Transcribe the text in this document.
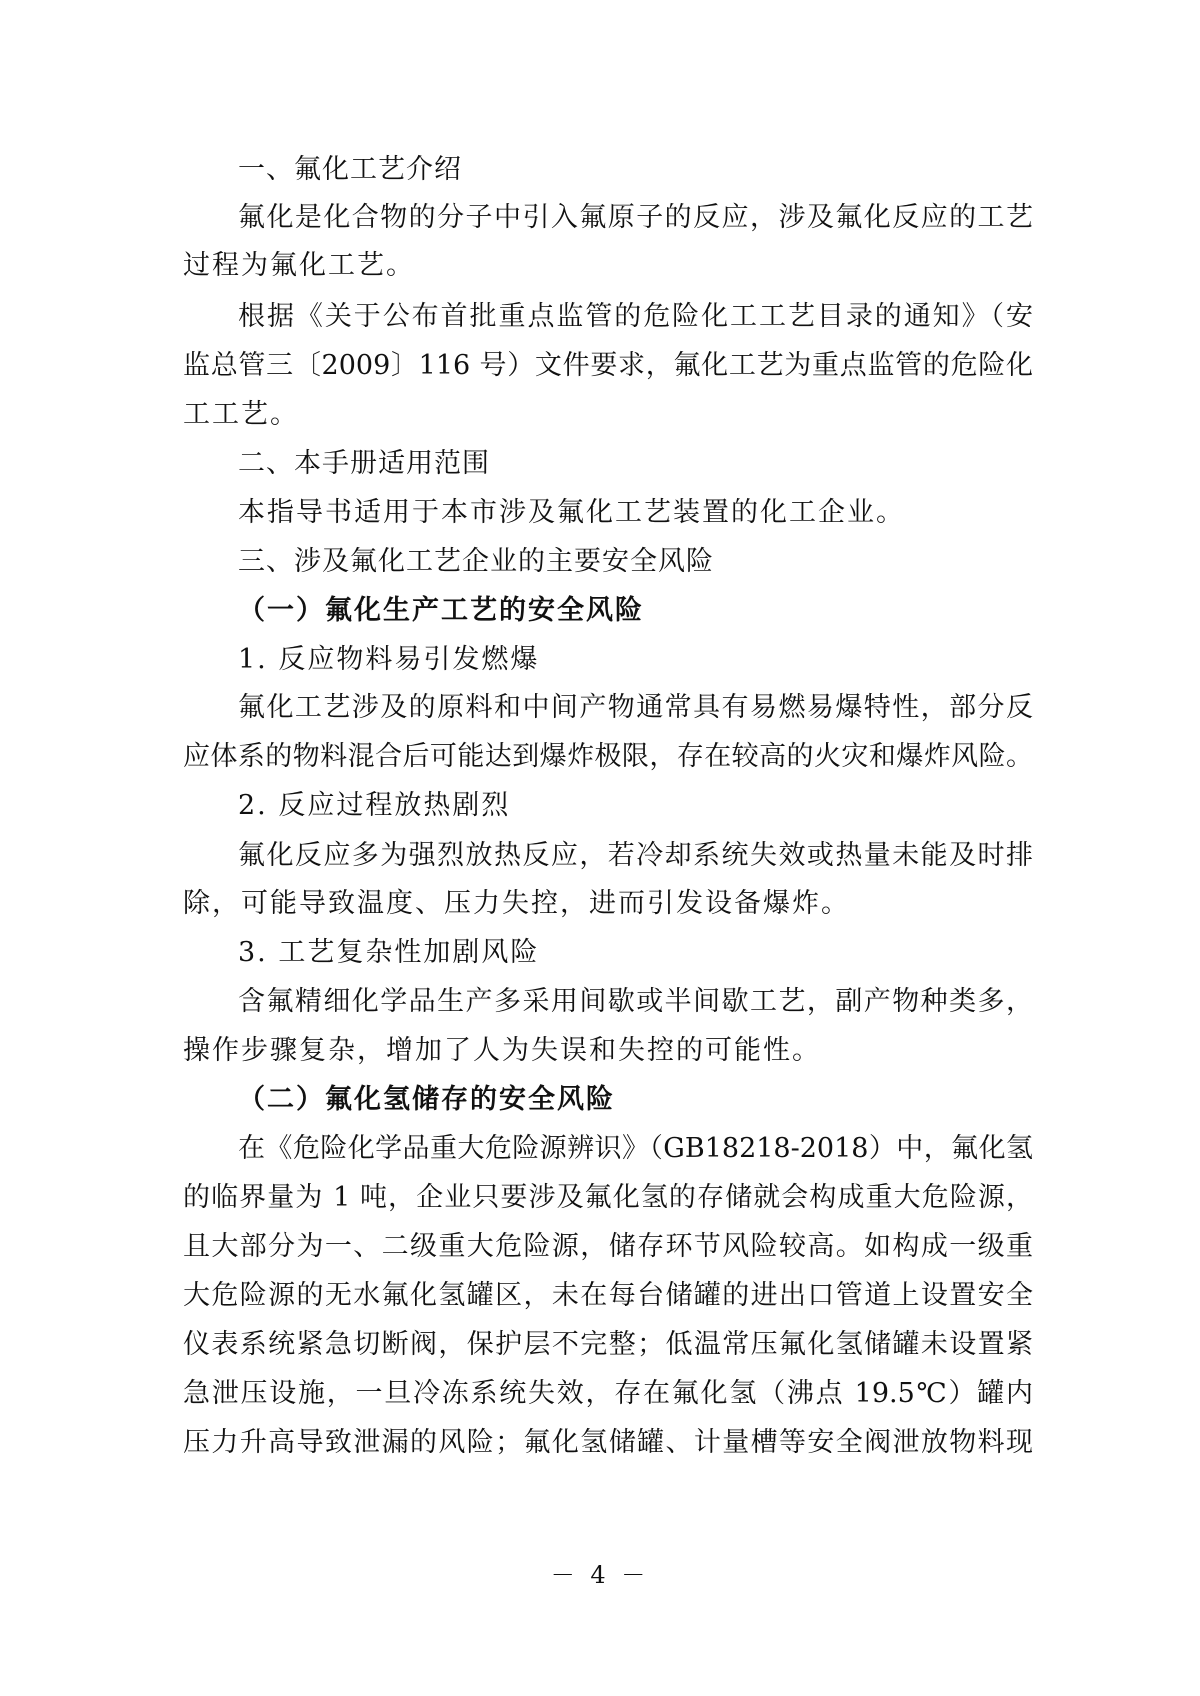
一、氟化工艺介绍
氟化是化合物的分子中引入氟原子的反应，涉及氟化反应的工艺
过程为氟化工艺。
根据《关于公布首批重点监管的危险化工工艺目录的通知》（安
监总管三〔2009〕116 号）文件要求，氟化工艺为重点监管的危险化
工工艺。
二、本手册适用范围
本指导书适用于本市涉及氟化工艺装置的化工企业。
三、涉及氟化工艺企业的主要安全风险
（一）氟化生产工艺的安全风险
1. 反应物料易引发燃爆
氟化工艺涉及的原料和中间产物通常具有易燃易爆特性，部分反
应体系的物料混合后可能达到爆炸极限，存在较高的火灾和爆炸风险。
2. 反应过程放热剧烈
氟化反应多为强烈放热反应，若冷却系统失效或热量未能及时排
除，可能导致温度、压力失控，进而引发设备爆炸。
3. 工艺复杂性加剧风险
含氟精细化学品生产多采用间歇或半间歇工艺，副产物种类多，
操作步骤复杂，增加了人为失误和失控的可能性。
（二）氟化氢储存的安全风险
在《危险化学品重大危险源辨识》（GB18218-2018）中，氟化氢
的临界量为 1 吨，企业只要涉及氟化氢的存储就会构成重大危险源，
且大部分为一、二级重大危险源，储存环节风险较高。如构成一级重
大危险源的无水氟化氢罐区，未在每台储罐的进出口管道上设置安全
仪表系统紧急切断阀，保护层不完整；低温常压氟化氢储罐未设置紧
急泄压设施，一旦冷冻系统失效，存在氟化氢（沸点 19.5℃）罐内
压力升高导致泄漏的风险；氟化氢储罐、计量槽等安全阀泄放物料现
－ 4 －
